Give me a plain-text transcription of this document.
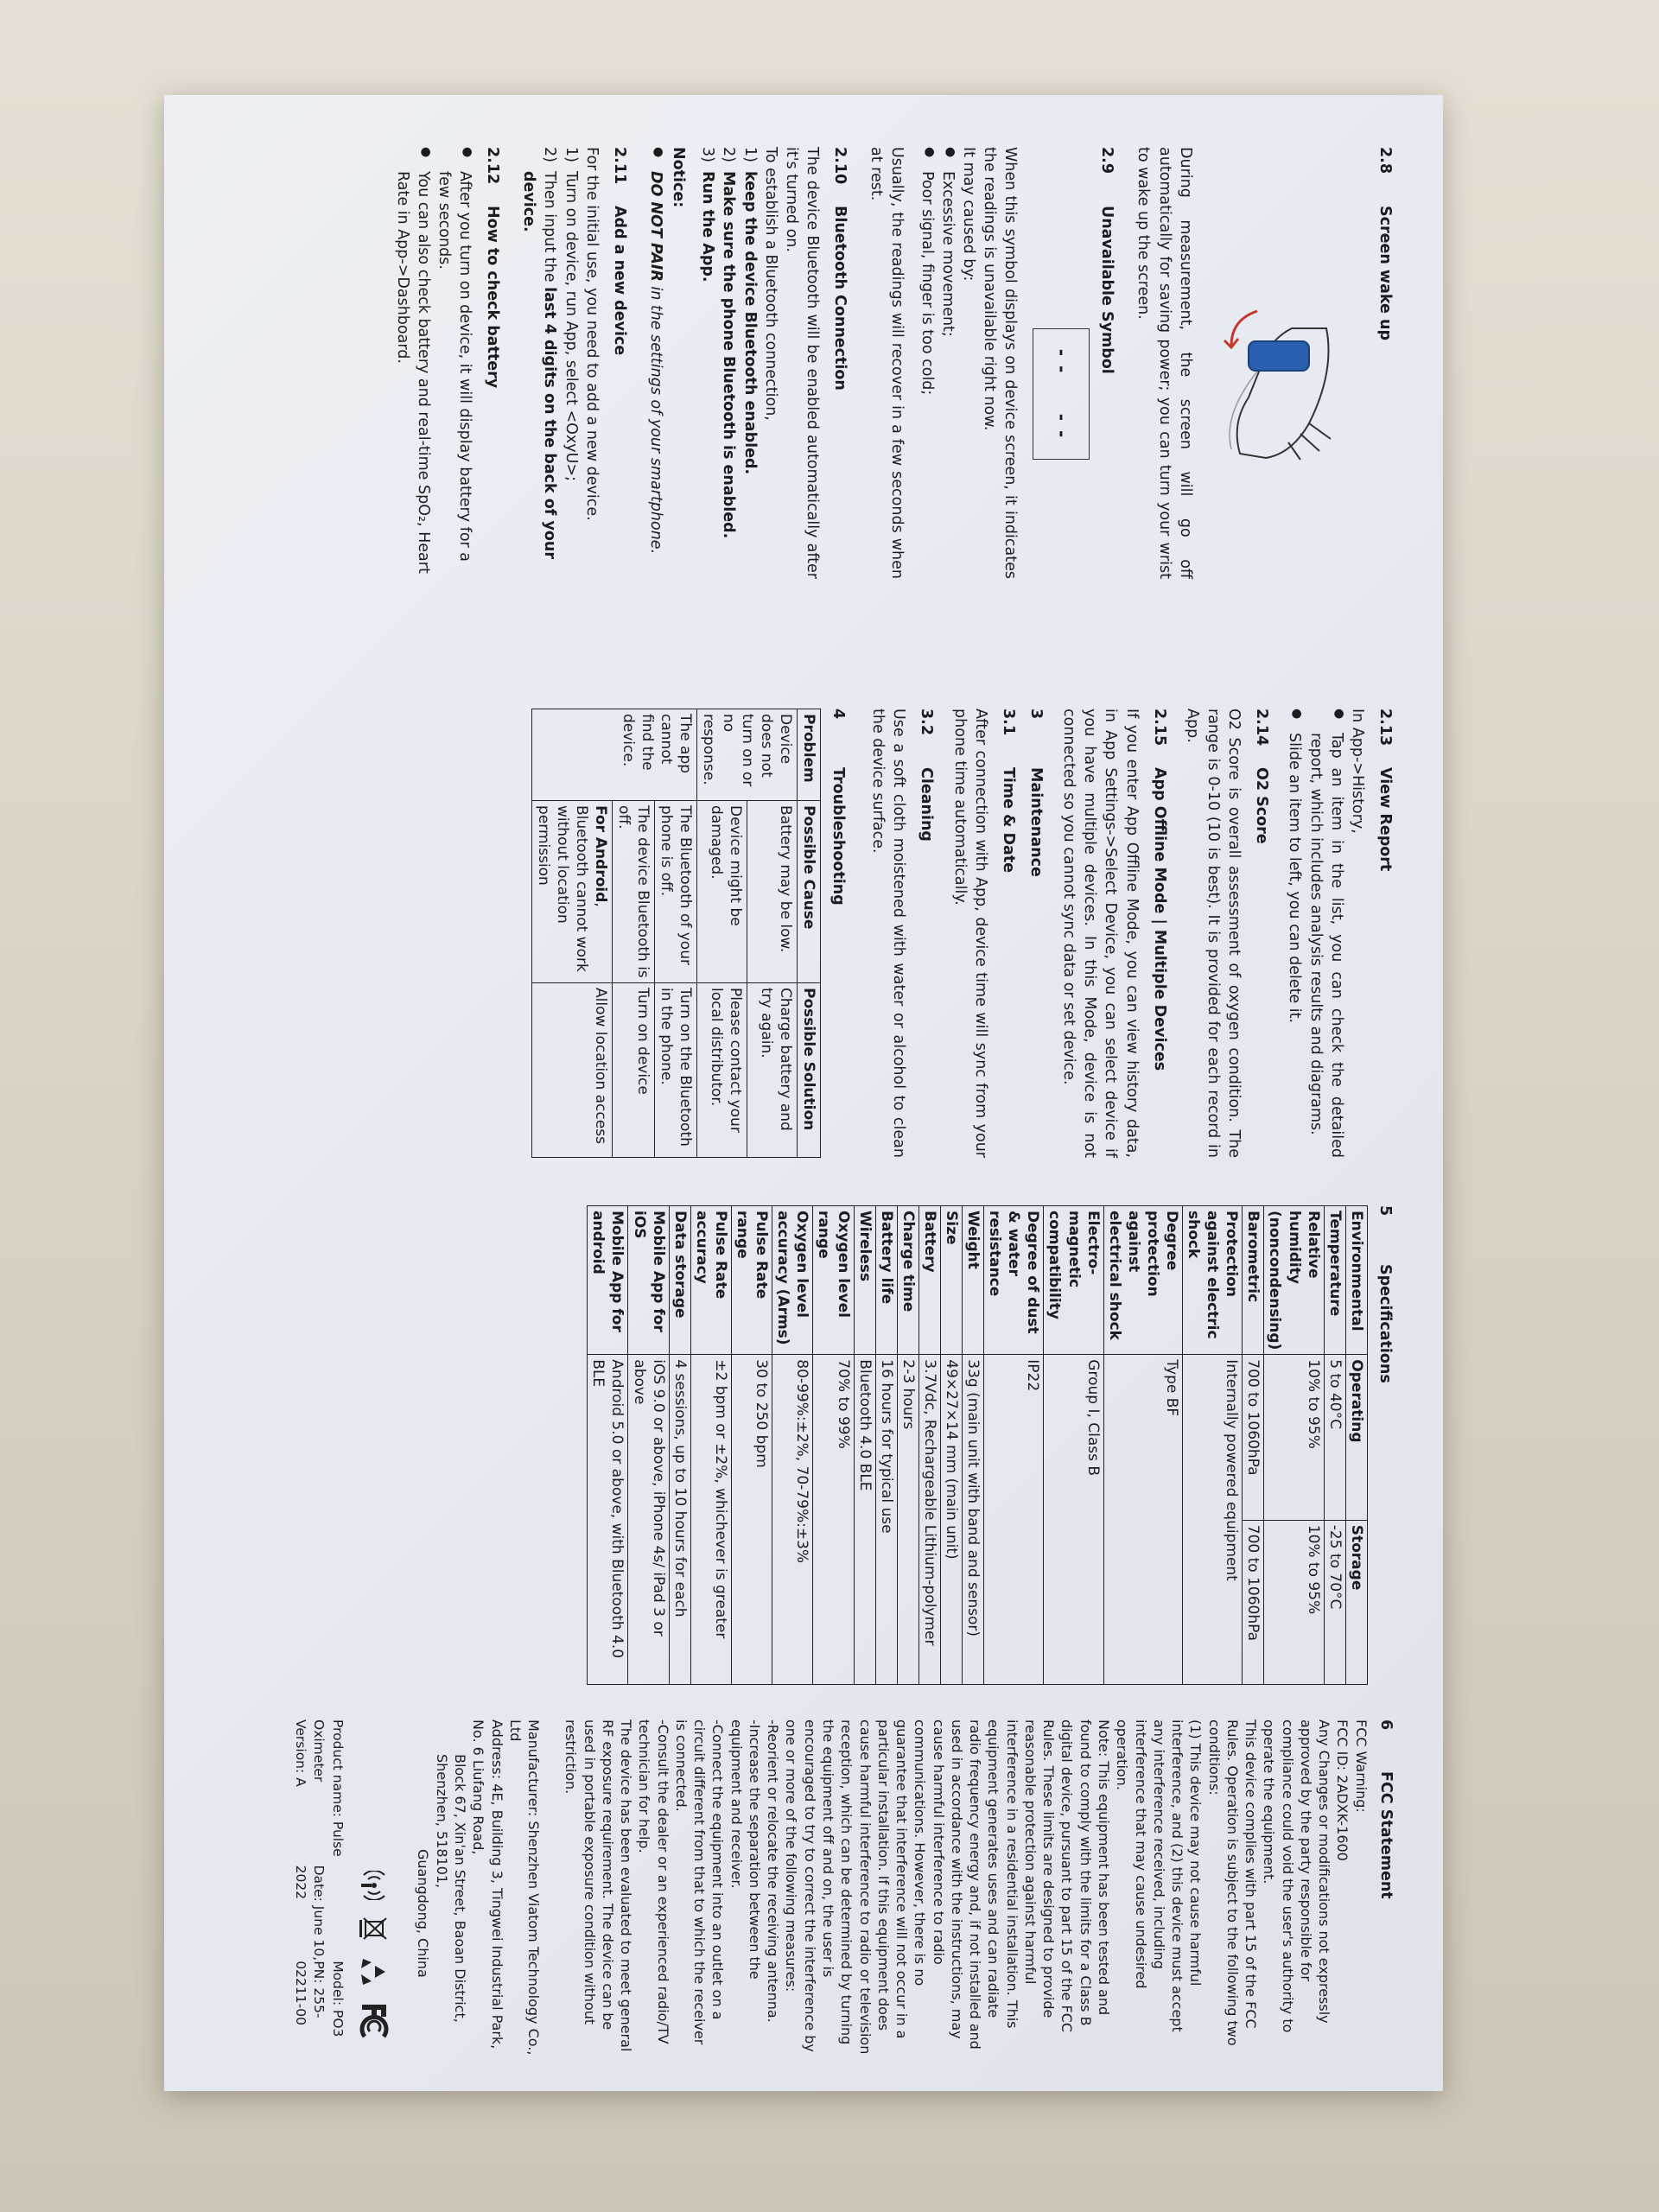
2.8Screen wake up

During measurement, the screen will go off automatically for saving power; you can turn your wrist to wake up the screen.

2.9Unavailable Symbol
- -
- -

When this symbol displays on device screen, it indicates the readings is unavailable right now.

It may caused by:

● Excessive movement;
● Poor signal, finger is too cold;

Usually, the readings will recover in a few seconds when at rest.

2.10Bluetooth Connection

The device Bluetooth will be enabled automatically after it's turned on.

To establish a Bluetooth connection,

1)
keep the device Bluetooth enabled.
2)
Make sure the phone Bluetooth is enabled.
3)
Run the App.

Notice:

● DO NOT PAIR in the settings of your smartphone.
2.11Add a new device

For the initial use, you need to add a new device.

1)
Turn on device, run App, select <OxyU>;
2)
Then input the last 4 digits on the back of your device.
2.12How to check battery
● After you turn on device, it will display battery for a few seconds.
● You can also check battery and real-time SpO₂, Heart Rate in App->Dashboard.
2.13View Report

In App->History,

● Tap an item in the list, you can check the detailed report, which includes analysis results and diagrams.
● Slide an item to left, you can delete it.
2.14O2 Score

O2 Score is overall assessment of oxygen condition. The range is 0-10 (10 is best). It is provided for each record in App.

2.15App Offline Mode | Multiple Devices

If you enter App Offline Mode, you can view history data, in App Settings->Select Device, you can select device if you have multiple devices. In this Mode, device is not connected so you cannot sync data or set device.

3Maintenance
3.1Time & Date

After connection with App, device time will sync from your phone time automatically.

3.2Cleaning

Use a soft cloth moistened with water or alcohol to clean the device surface.

4Troubleshooting
Problem	Possible Cause	Possible Solution
Device does not turn on or no response.	Battery may be low.	Charge battery and try again.
	Device might be damaged.	Please contact your local distributor.
The app cannot find the device.	The Bluetooth of your phone is off.	Turn on the Bluetooth in the phone.
	The device Bluetooth is off.	Turn on device
	For Android, Bluetooth cannot work without location permission	Allow location access
5Specifications
Environmental	Operating	Storage
Temperature	5 to 40°C	-25 to 70°C
Relative humidity (noncondensing)	10% to 95%	10% to 95%
Barometric	700 to 1060hPa	700 to 1060hPa
Protection against electric shock	Internally powered equipment	
Degree protection against electrical shock	Type BF	
Electro-magnetic compatibility	Group I, Class B	
Degree of dust & water resistance	IP22	
Weight	33g (main unit with band and sensor)	
Size	49×27×14 mm (main unit)	
Battery	3.7Vdc, Rechargeable Lithium-polymer	
Charge time	2-3 hours	
Battery life	16 hours for typical use	
Wireless	Bluetooth 4.0 BLE	
Oxygen level range	70% to 99%	
Oxygen level accuracy (Arms)	80-99%:±2%, 70-79%:±3%	
Pulse Rate range	30 to 250 bpm	
Pulse Rate accuracy	±2 bpm or ±2%, whichever is greater	
Data storage	4 sessions, up to 10 hours for each	
Mobile App for iOS	iOS 9.0 or above, iPhone 4s/ iPad 3 or above	
Mobile App for android	Android 5.0 or above, with Bluetooth 4.0 BLE	
6FCC Statement
FCC Warning:
FCC ID: 2ADXK-1600
Any Changes or modifications not expressly approved by the party responsible for compliance could void the user's authority to operate the equipment.
This device complies with part 15 of the FCC Rules. Operation is subject to the following two conditions:
(1) This device may not cause harmful interference, and (2) this device must accept any interference received, including interference that may cause undesired operation.
Note: This equipment has been tested and found to comply with the limits for a Class B digital device, pursuant to part 15 of the FCC Rules. These limits are designed to provide reasonable protection against harmful interference in a residential installation. This equipment generates uses and can radiate radio frequency energy and, if not installed and used in accordance with the instructions, may cause harmful interference to radio communications. However, there is no guarantee that interference will not occur in a particular installation. If this equipment does cause harmful interference to radio or television reception, which can be determined by turning the equipment off and on, the user is encouraged to try to correct the interference by one or more of the following measures:
-Reorient or relocate the receiving antenna.
-Increase the separation between the equipment and receiver.
-Connect the equipment into an outlet on a circuit different from that to which the receiver is connected.
-Consult the dealer or an experienced radio/TV technician for help.
The device has been evaluated to meet general RF exposure requirement. The device can be used in portable exposure condition without restriction.
Manufacturer: Shenzhen Viatom Technology Co., Ltd
Address: 4E, Building 3, Tingwei Industrial Park, No. 6 Liufang Road,
Block 67, Xin'an Street, Baoan District, Shenzhen, 518101,
Guangdong, China
Product name: Pulse Oximeter
Version: A

Date: June 10, 2022
Model: PO3
PN: 255-02211-00
